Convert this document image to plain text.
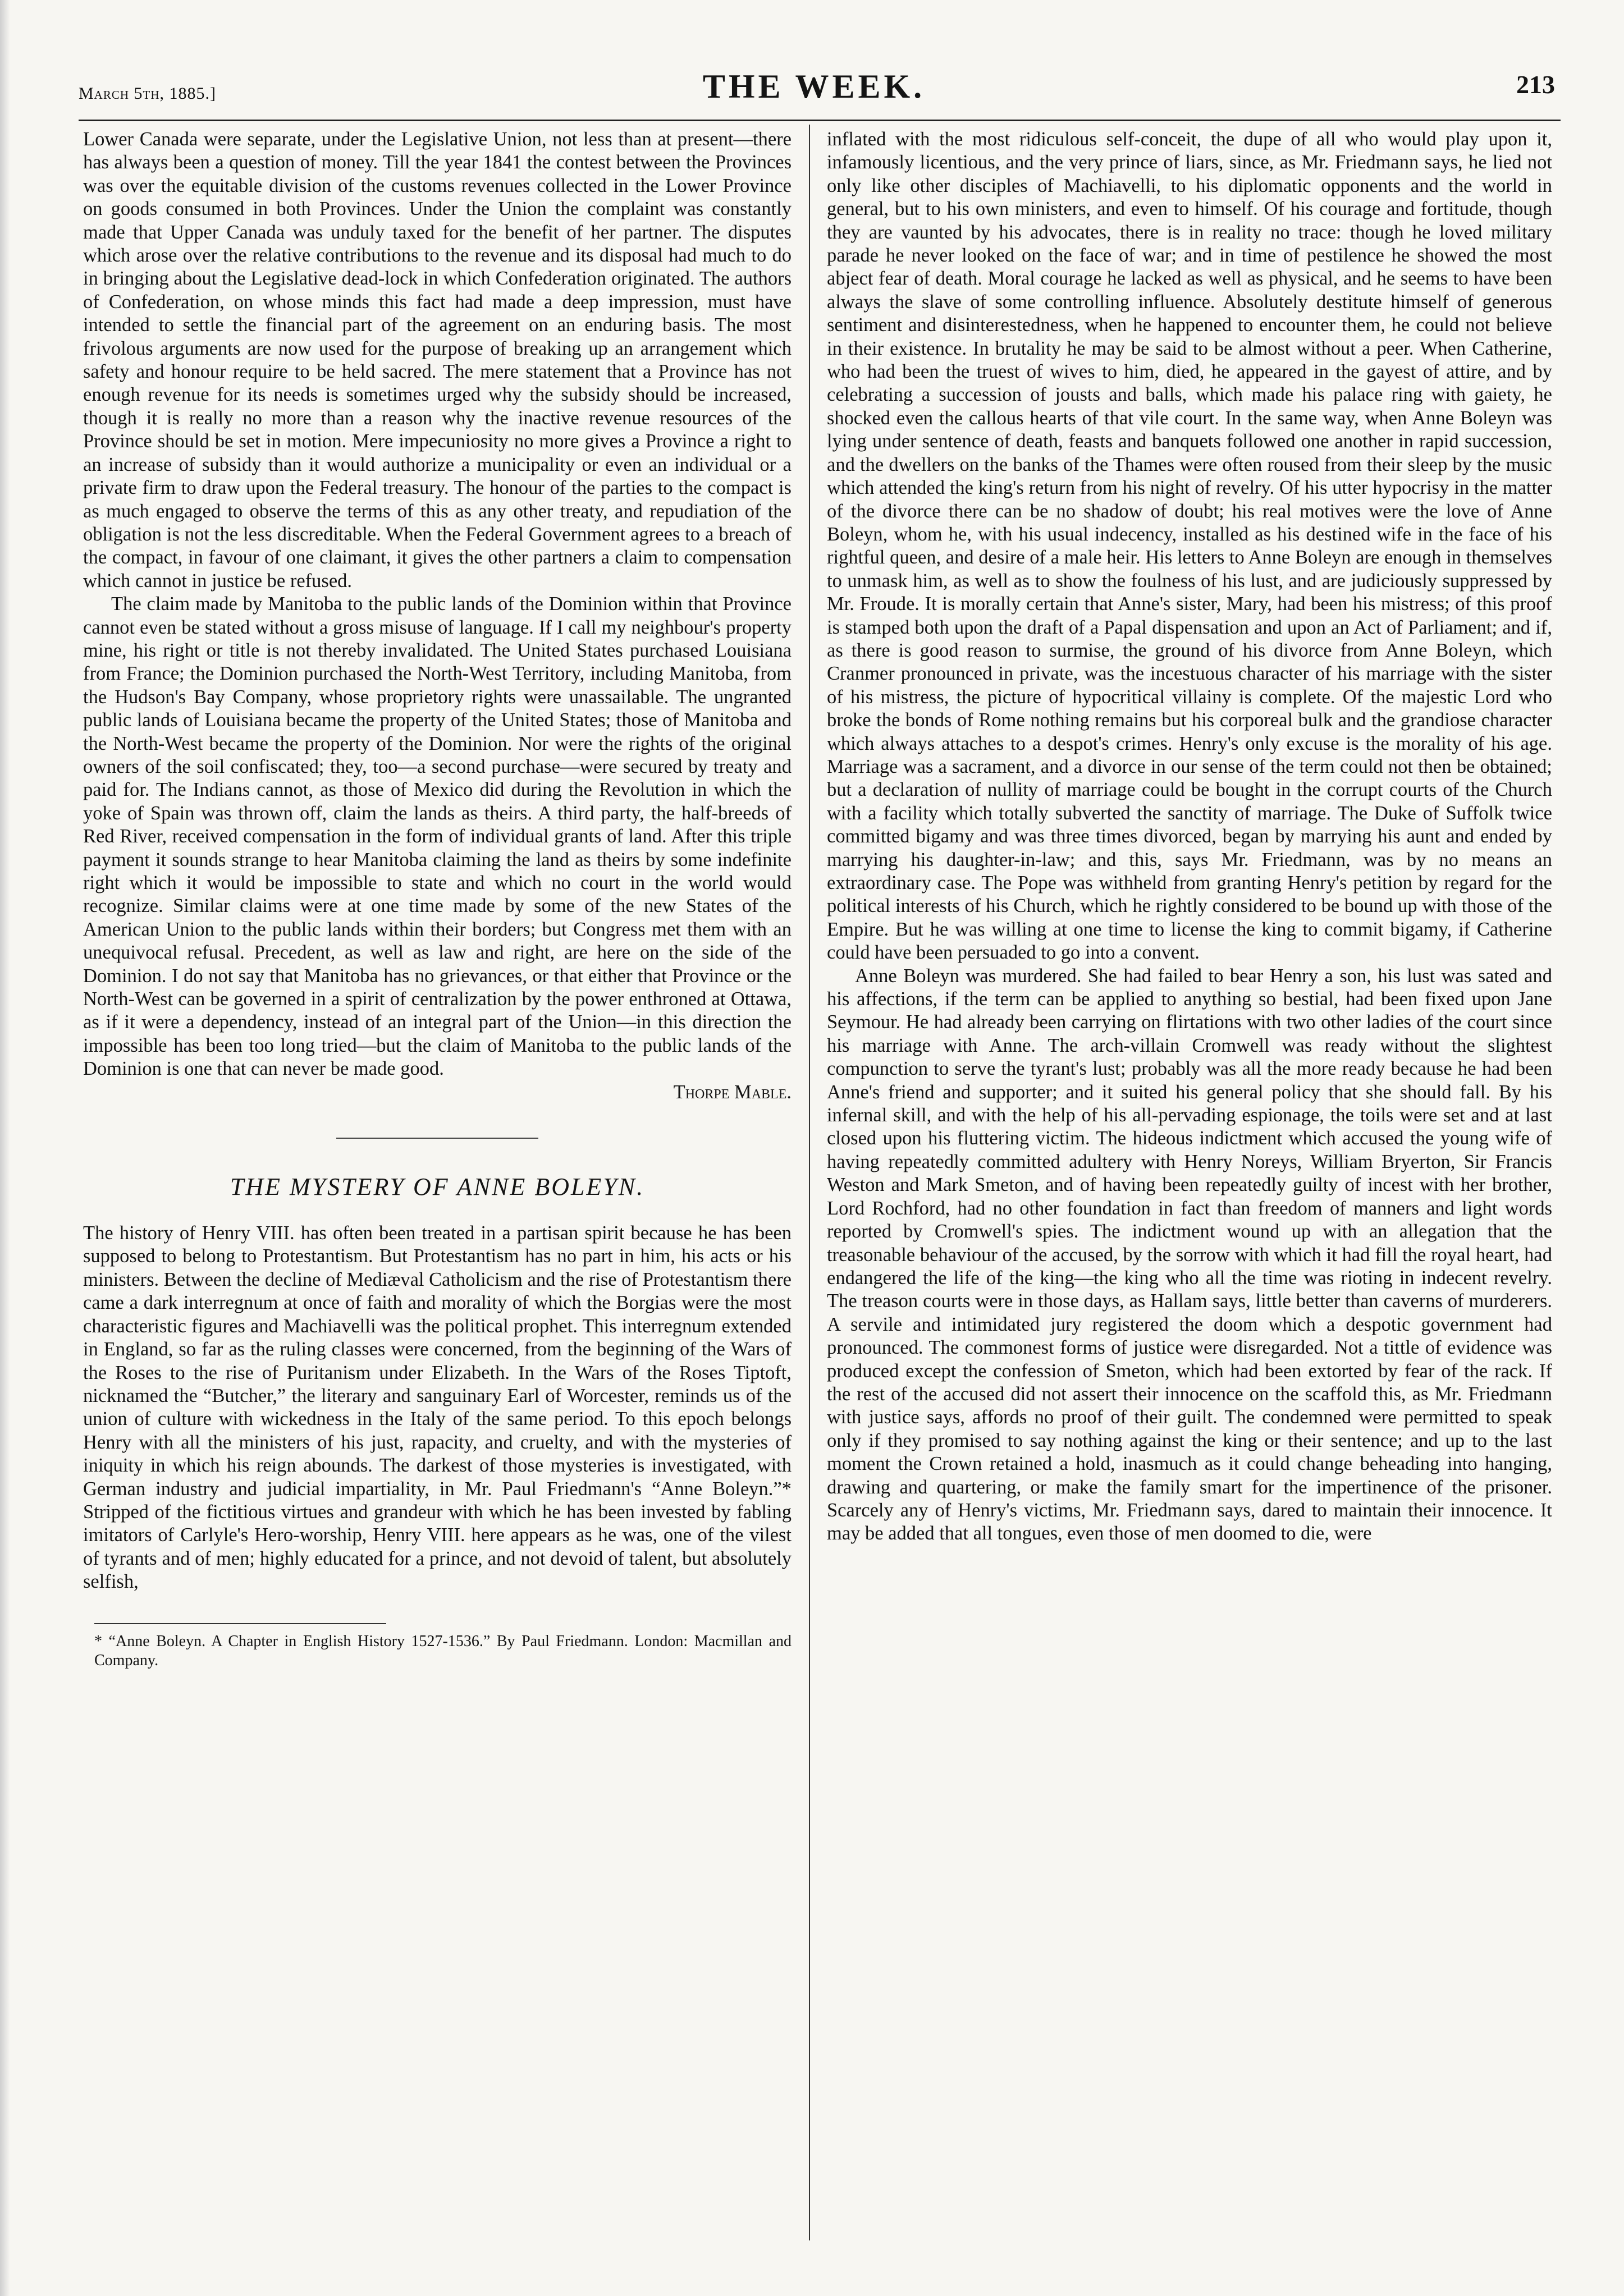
March 5th, 1885.]	THE WEEK.	213

Lower Canada were separate, under the Legislative Union, not less than at present—there has always been a question of money. Till the year 1841 the contest between the Provinces was over the equitable division of the customs revenues collected in the Lower Province on goods consumed in both Provinces. Under the Union the complaint was constantly made that Upper Canada was unduly taxed for the benefit of her partner. The disputes which arose over the relative contributions to the revenue and its disposal had much to do in bringing about the Legislative dead-lock in which Confederation originated. The authors of Confederation, on whose minds this fact had made a deep impression, must have intended to settle the financial part of the agreement on an enduring basis. The most frivolous arguments are now used for the purpose of breaking up an arrangement which safety and honour require to be held sacred. The mere statement that a Province has not enough revenue for its needs is sometimes urged why the subsidy should be increased, though it is really no more than a reason why the inactive revenue resources of the Province should be set in motion. Mere impecuniosity no more gives a Province a right to an increase of subsidy than it would authorize a municipality or even an individual or a private firm to draw upon the Federal treasury. The honour of the parties to the compact is as much engaged to observe the terms of this as any other treaty, and repudiation of the obligation is not the less discreditable. When the Federal Government agrees to a breach of the compact, in favour of one claimant, it gives the other partners a claim to compensation which cannot in justice be refused.

The claim made by Manitoba to the public lands of the Dominion within that Province cannot even be stated without a gross misuse of language. If I call my neighbour's property mine, his right or title is not thereby invalidated. The United States purchased Louisiana from France; the Dominion purchased the North-West Territory, including Manitoba, from the Hudson's Bay Company, whose proprietory rights were unassailable. The ungranted public lands of Louisiana became the property of the United States; those of Manitoba and the North-West became the property of the Dominion. Nor were the rights of the original owners of the soil confiscated; they, too—a second purchase—were secured by treaty and paid for. The Indians cannot, as those of Mexico did during the Revolution in which the yoke of Spain was thrown off, claim the lands as theirs. A third party, the half-breeds of Red River, received compensation in the form of individual grants of land. After this triple payment it sounds strange to hear Manitoba claiming the land as theirs by some indefinite right which it would be impossible to state and which no court in the world would recognize. Similar claims were at one time made by some of the new States of the American Union to the public lands within their borders; but Congress met them with an unequivocal refusal. Precedent, as well as law and right, are here on the side of the Dominion. I do not say that Manitoba has no grievances, or that either that Province or the North-West can be governed in a spirit of centralization by the power enthroned at Ottawa, as if it were a dependency, instead of an integral part of the Union—in this direction the impossible has been too long tried—but the claim of Manitoba to the public lands of the Dominion is one that can never be made good.

Thorpe Mable.

THE MYSTERY OF ANNE BOLEYN.

The history of Henry VIII. has often been treated in a partisan spirit because he has been supposed to belong to Protestantism. But Protestantism has no part in him, his acts or his ministers. Between the decline of Mediæval Catholicism and the rise of Protestantism there came a dark interregnum at once of faith and morality of which the Borgias were the most characteristic figures and Machiavelli was the political prophet. This interregnum extended in England, so far as the ruling classes were concerned, from the beginning of the Wars of the Roses to the rise of Puritanism under Elizabeth. In the Wars of the Roses Tiptoft, nicknamed the “Butcher,” the literary and sanguinary Earl of Worcester, reminds us of the union of culture with wickedness in the Italy of the same period. To this epoch belongs Henry with all the ministers of his just, rapacity, and cruelty, and with the mysteries of iniquity in which his reign abounds. The darkest of those mysteries is investigated, with German industry and judicial impartiality, in Mr. Paul Friedmann's “Anne Boleyn.”* Stripped of the fictitious virtues and grandeur with which he has been invested by fabling imitators of Carlyle's Hero-worship, Henry VIII. here appears as he was, one of the vilest of tyrants and of men; highly educated for a prince, and not devoid of talent, but absolutely selfish,

* “Anne Boleyn. A Chapter in English History 1527-1536.” By Paul Friedmann. London: Macmillan and Company.

inflated with the most ridiculous self-conceit, the dupe of all who would play upon it, infamously licentious, and the very prince of liars, since, as Mr. Friedmann says, he lied not only like other disciples of Machiavelli, to his diplomatic opponents and the world in general, but to his own ministers, and even to himself. Of his courage and fortitude, though they are vaunted by his advocates, there is in reality no trace: though he loved military parade he never looked on the face of war; and in time of pestilence he showed the most abject fear of death. Moral courage he lacked as well as physical, and he seems to have been always the slave of some controlling influence. Absolutely destitute himself of generous sentiment and disinterestedness, when he happened to encounter them, he could not believe in their existence. In brutality he may be said to be almost without a peer. When Catherine, who had been the truest of wives to him, died, he appeared in the gayest of attire, and by celebrating a succession of jousts and balls, which made his palace ring with gaiety, he shocked even the callous hearts of that vile court. In the same way, when Anne Boleyn was lying under sentence of death, feasts and banquets followed one another in rapid succession, and the dwellers on the banks of the Thames were often roused from their sleep by the music which attended the king's return from his night of revelry. Of his utter hypocrisy in the matter of the divorce there can be no shadow of doubt; his real motives were the love of Anne Boleyn, whom he, with his usual indecency, installed as his destined wife in the face of his rightful queen, and desire of a male heir. His letters to Anne Boleyn are enough in themselves to unmask him, as well as to show the foulness of his lust, and are judiciously suppressed by Mr. Froude. It is morally certain that Anne's sister, Mary, had been his mistress; of this proof is stamped both upon the draft of a Papal dispensation and upon an Act of Parliament; and if, as there is good reason to surmise, the ground of his divorce from Anne Boleyn, which Cranmer pronounced in private, was the incestuous character of his marriage with the sister of his mistress, the picture of hypocritical villainy is complete. Of the majestic Lord who broke the bonds of Rome nothing remains but his corporeal bulk and the grandiose character which always attaches to a despot's crimes. Henry's only excuse is the morality of his age. Marriage was a sacrament, and a divorce in our sense of the term could not then be obtained; but a declaration of nullity of marriage could be bought in the corrupt courts of the Church with a facility which totally subverted the sanctity of marriage. The Duke of Suffolk twice committed bigamy and was three times divorced, began by marrying his aunt and ended by marrying his daughter-in-law; and this, says Mr. Friedmann, was by no means an extraordinary case. The Pope was withheld from granting Henry's petition by regard for the political interests of his Church, which he rightly considered to be bound up with those of the Empire. But he was willing at one time to license the king to commit bigamy, if Catherine could have been persuaded to go into a convent.

Anne Boleyn was murdered. She had failed to bear Henry a son, his lust was sated and his affections, if the term can be applied to anything so bestial, had been fixed upon Jane Seymour. He had already been carrying on flirtations with two other ladies of the court since his marriage with Anne. The arch-villain Cromwell was ready without the slightest compunction to serve the tyrant's lust; probably was all the more ready because he had been Anne's friend and supporter; and it suited his general policy that she should fall. By his infernal skill, and with the help of his all-pervading espionage, the toils were set and at last closed upon his fluttering victim. The hideous indictment which accused the young wife of having repeatedly committed adultery with Henry Noreys, William Bryerton, Sir Francis Weston and Mark Smeton, and of having been repeatedly guilty of incest with her brother, Lord Rochford, had no other foundation in fact than freedom of manners and light words reported by Cromwell's spies. The indictment wound up with an allegation that the treasonable behaviour of the accused, by the sorrow with which it had fill the royal heart, had endangered the life of the king—the king who all the time was rioting in indecent revelry. The treason courts were in those days, as Hallam says, little better than caverns of murderers. A servile and intimidated jury registered the doom which a despotic government had pronounced. The commonest forms of justice were disregarded. Not a tittle of evidence was produced except the confession of Smeton, which had been extorted by fear of the rack. If the rest of the accused did not assert their innocence on the scaffold this, as Mr. Friedmann with justice says, affords no proof of their guilt. The condemned were permitted to speak only if they promised to say nothing against the king or their sentence; and up to the last moment the Crown retained a hold, inasmuch as it could change beheading into hanging, drawing and quartering, or make the family smart for the impertinence of the prisoner. Scarcely any of Henry's victims, Mr. Friedmann says, dared to maintain their innocence. It may be added that all tongues, even those of men doomed to die, were
